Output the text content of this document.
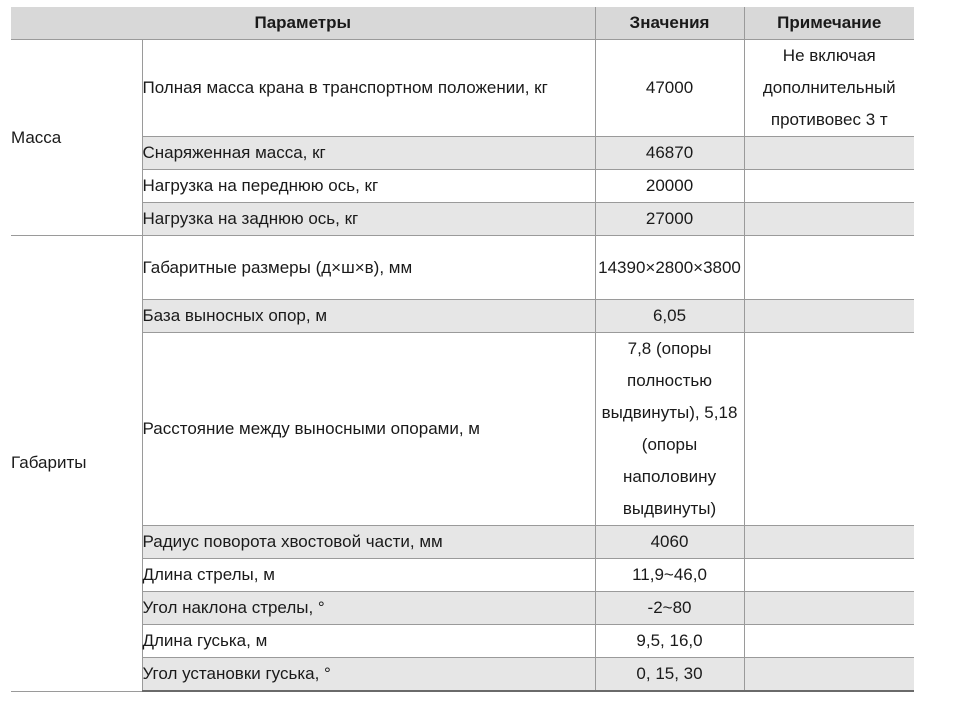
Параметры		Значения	Примечание
Масса	Полная масса крана в транспортном положении, кг	47000	Не включая дополнительный противовес 3 т
	Снаряженная масса, кг	46870	
	Нагрузка на переднюю ось, кг	20000	
	Нагрузка на заднюю ось, кг	27000	
Габариты	Габаритные размеры (д×ш×в), мм	14390×2800×3800	
	База выносных опор, м	6,05	
	Расстояние между выносными опорами, м	7,8 (опоры полностью выдвинуты), 5,18 (опоры наполовину выдвинуты)	
	Радиус поворота хвостовой части, мм	4060	
	Длина стрелы, м	11,9~46,0	
	Угол наклона стрелы, °	-2~80	
	Длина гуська, м	9,5, 16,0	
	Угол установки гуська, °	0, 15, 30	
